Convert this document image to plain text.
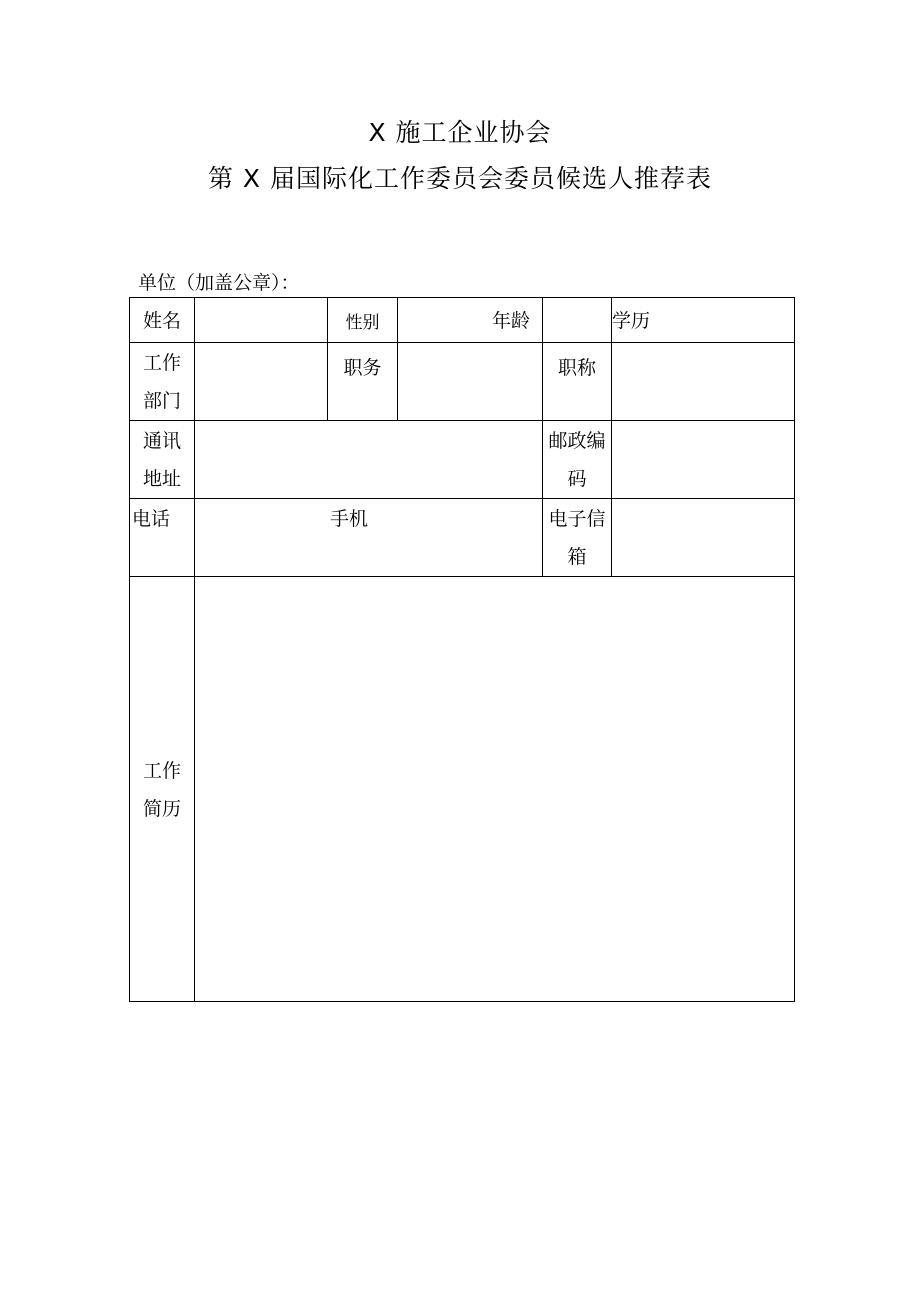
X 施工企业协会
第 X 届国际化工作委员会委员候选人推荐表
单位（加盖公章）：
姓名		性别	年龄		学历

工作
部门		职务		职称	

通讯
地址				邮政编
码	

电话	手机			电子信
箱	

工作
简历					
